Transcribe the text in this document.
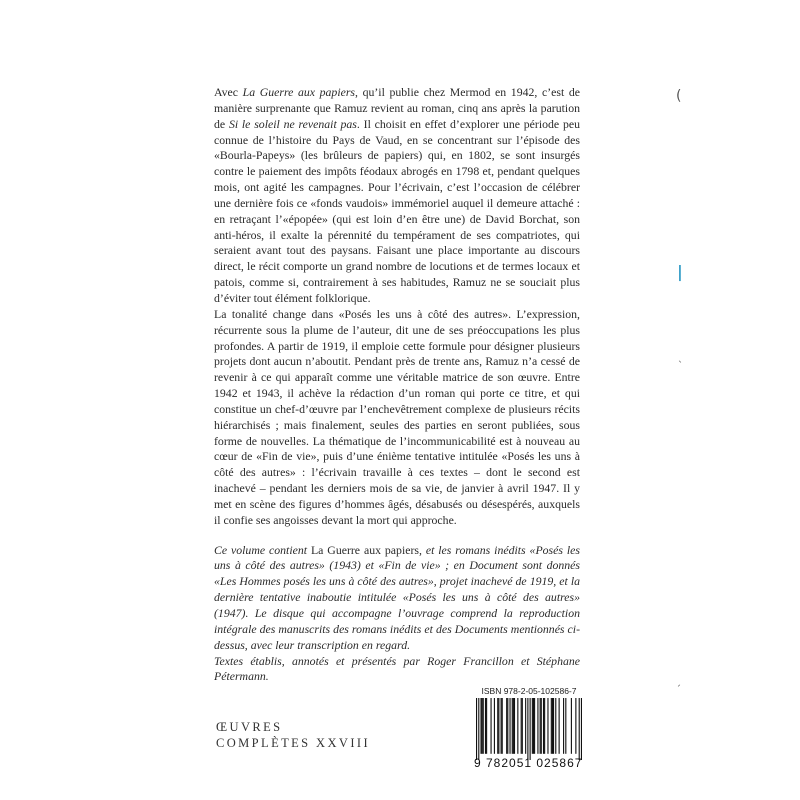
Avec La Guerre aux papiers, qu’il publie chez Mermod en 1942, c’est de manière surprenante que Ramuz revient au roman, cinq ans après la parution de Si le soleil ne revenait pas. Il choisit en effet d’explorer une période peu connue de l’histoire du Pays de Vaud, en se concentrant sur l’épisode des «Bourla-Papeys» (les brûleurs de papiers) qui, en 1802, se sont insurgés contre le paiement des impôts féodaux abrogés en 1798 et, pendant quelques mois, ont agité les campagnes. Pour l’écrivain, c’est l’occasion de célébrer une dernière fois ce «fonds vaudois» immémoriel auquel il demeure attaché : en retraçant l’«épopée» (qui est loin d’en être une) de David Borchat, son anti-héros, il exalte la pérennité du tempérament de ses compatriotes, qui seraient avant tout des paysans. Faisant une place importante au discours direct, le récit comporte un grand nombre de locutions et de termes locaux et patois, comme si, contrairement à ses habitudes, Ramuz ne se souciait plus d’éviter tout élément folklorique.

La tonalité change dans «Posés les uns à côté des autres». L’expression, récurrente sous la plume de l’auteur, dit une de ses préoccupations les plus profondes. A partir de 1919, il emploie cette formule pour désigner plusieurs projets dont aucun n’aboutit. Pendant près de trente ans, Ramuz n’a cessé de revenir à ce qui apparaît comme une véritable matrice de son œuvre. Entre 1942 et 1943, il achève la rédaction d’un roman qui porte ce titre, et qui constitue un chef-d’œuvre par l’enchevêtrement complexe de plusieurs récits hiérarchisés ; mais finalement, seules des parties en seront publiées, sous forme de nouvelles. La thématique de l’incommunicabilité est à nouveau au cœur de «Fin de vie», puis d’une énième tentative intitulée «Posés les uns à côté des autres» : l’écrivain travaille à ces textes – dont le second est inachevé – pendant les derniers mois de sa vie, de janvier à avril 1947. Il y met en scène des figures d’hommes âgés, désabusés ou désespérés, auxquels il confie ses angoisses devant la mort qui approche.

Ce volume contient La Guerre aux papiers, et les romans inédits «Posés les uns à côté des autres» (1943) et «Fin de vie» ; en Document sont donnés «Les Hommes posés les uns à côté des autres», projet inachevé de 1919, et la dernière tentative inaboutie intitulée «Posés les uns à côté des autres» (1947). Le disque qui accompagne l’ouvrage comprend la reproduction intégrale des manuscrits des romans inédits et des Documents mentionnés ci-dessus, avec leur transcription en regard.

Textes établis, annotés et présentés par Roger Francillon et Stéphane Pétermann.

(
|
ˎ
ˏ
ŒUVRES
COMPLÈTES XXVIII
ISBN 978-2-05-102586-7
9 782051 025867
